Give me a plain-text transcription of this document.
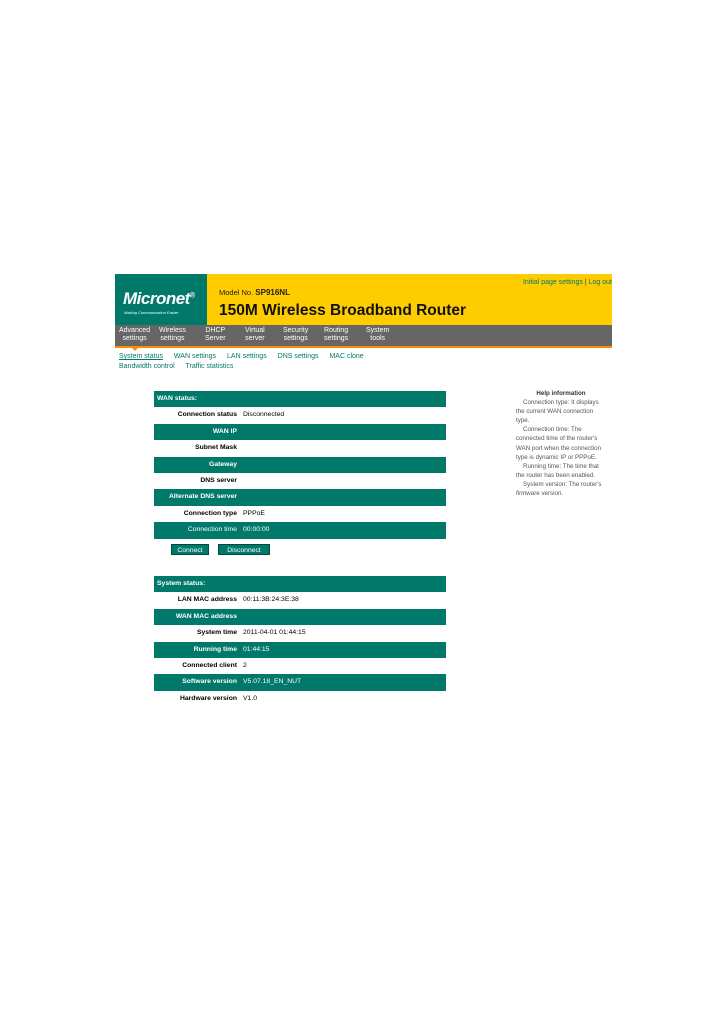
Micronet®
Making Communication Easier
Initial page settings | Log out
Model No. SP916NL
150M Wireless Broadband Router
Advanced
settings
Wireless
settings
DHCP
Server
Virtual
server
Security
settings
Routing
settings
System
tools
System status WAN settings LAN settings DNS settings MAC clone Bandwidth control Traffic statistics
WAN status:
Connection status Disconnected
WAN IP
Subnet Mask
Gateway
DNS server
Alternate DNS server
Connection type PPPoE
Connection time 00:00:00
Connect	Disconnect
System status:
LAN MAC address 00:11:3B:24:3E:38
WAN MAC address
System time 2011-04-01 01:44:15
Running time 01:44:15
Connected client 2
Software version V5.07.18_EN_NUT
Hardware version V1.0
Help information

Connection type: It displays the current WAN connection type.

Connection time: The connected time of the router's WAN port when the connection type is dynamic IP or PPPoE.

Running time: The time that the router has been enabled.

System version: The router's firmware version.
